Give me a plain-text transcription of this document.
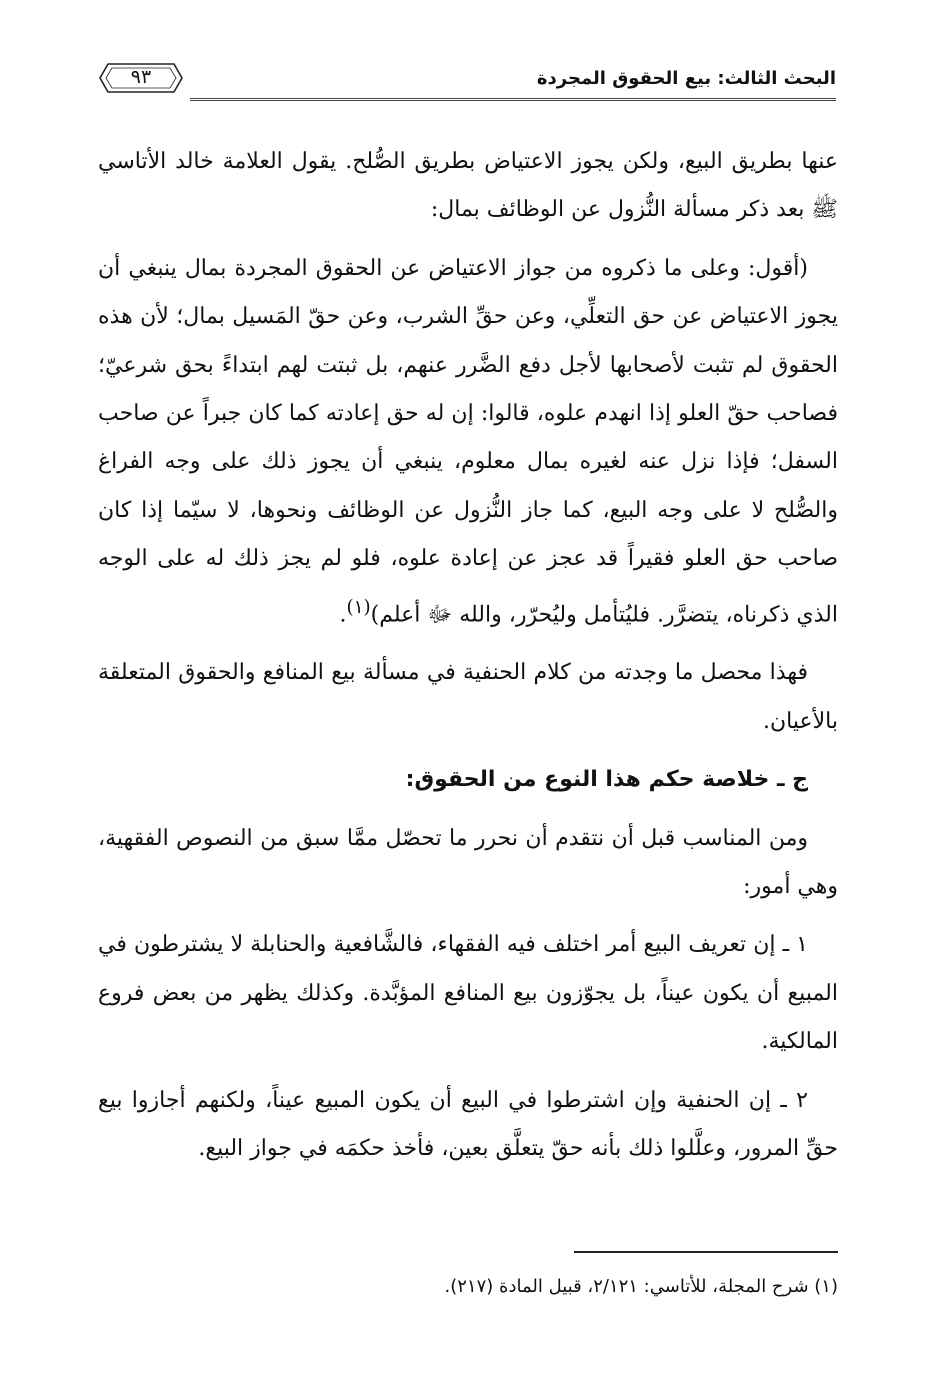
البحث الثالث: بيع الحقوق المجردة
٩٣

عنها بطريق البيع، ولكن يجوز الاعتياض بطريق الصُّلح. يقول العلامة خالد الأتاسي ﷺ بعد ذكر مسألة النُّزول عن الوظائف بمال:

(أقول: وعلى ما ذكروه من جواز الاعتياض عن الحقوق المجردة بمال ينبغي أن يجوز الاعتياض عن حق التعلِّي، وعن حقِّ الشرب، وعن حقّ المَسيل بمال؛ لأن هذه الحقوق لم تثبت لأصحابها لأجل دفع الضَّرر عنهم، بل ثبتت لهم ابتداءً بحق شرعيّ؛ فصاحب حقّ العلو إذا انهدم علوه، قالوا: إن له حق إعادته كما كان جبراً عن صاحب السفل؛ فإذا نزل عنه لغيره بمال معلوم، ينبغي أن يجوز ذلك على وجه الفراغ والصُّلح لا على وجه البيع، كما جاز النُّزول عن الوظائف ونحوها، لا سيّما إذا كان صاحب حق العلو فقيراً قد عجز عن إعادة علوه، فلو لم يجز ذلك له على الوجه الذي ذكرناه، يتضرَّر. فليُتأمل وليُحرّر، والله ﷻ أعلم)$^{(١)}$.

فهذا محصل ما وجدته من كلام الحنفية في مسألة بيع المنافع والحقوق المتعلقة بالأعيان.

ج ـ خلاصة حكم هذا النوع من الحقوق:

ومن المناسب قبل أن نتقدم أن نحرر ما تحصّل ممَّا سبق من النصوص الفقهية، وهي أمور:

١ ـ إن تعريف البيع أمر اختلف فيه الفقهاء، فالشَّافعية والحنابلة لا يشترطون في المبيع أن يكون عيناً، بل يجوّزون بيع المنافع المؤبَّدة. وكذلك يظهر من بعض فروع المالكية.

٢ ـ إن الحنفية وإن اشترطوا في البيع أن يكون المبيع عيناً، ولكنهم أجازوا بيع حقِّ المرور، وعلَّلوا ذلك بأنه حقّ يتعلَّق بعين، فأخذ حكمَه في جواز البيع.

(١) شرح المجلة، للأتاسي: ٢/١٢١، قبيل المادة (٢١٧).
